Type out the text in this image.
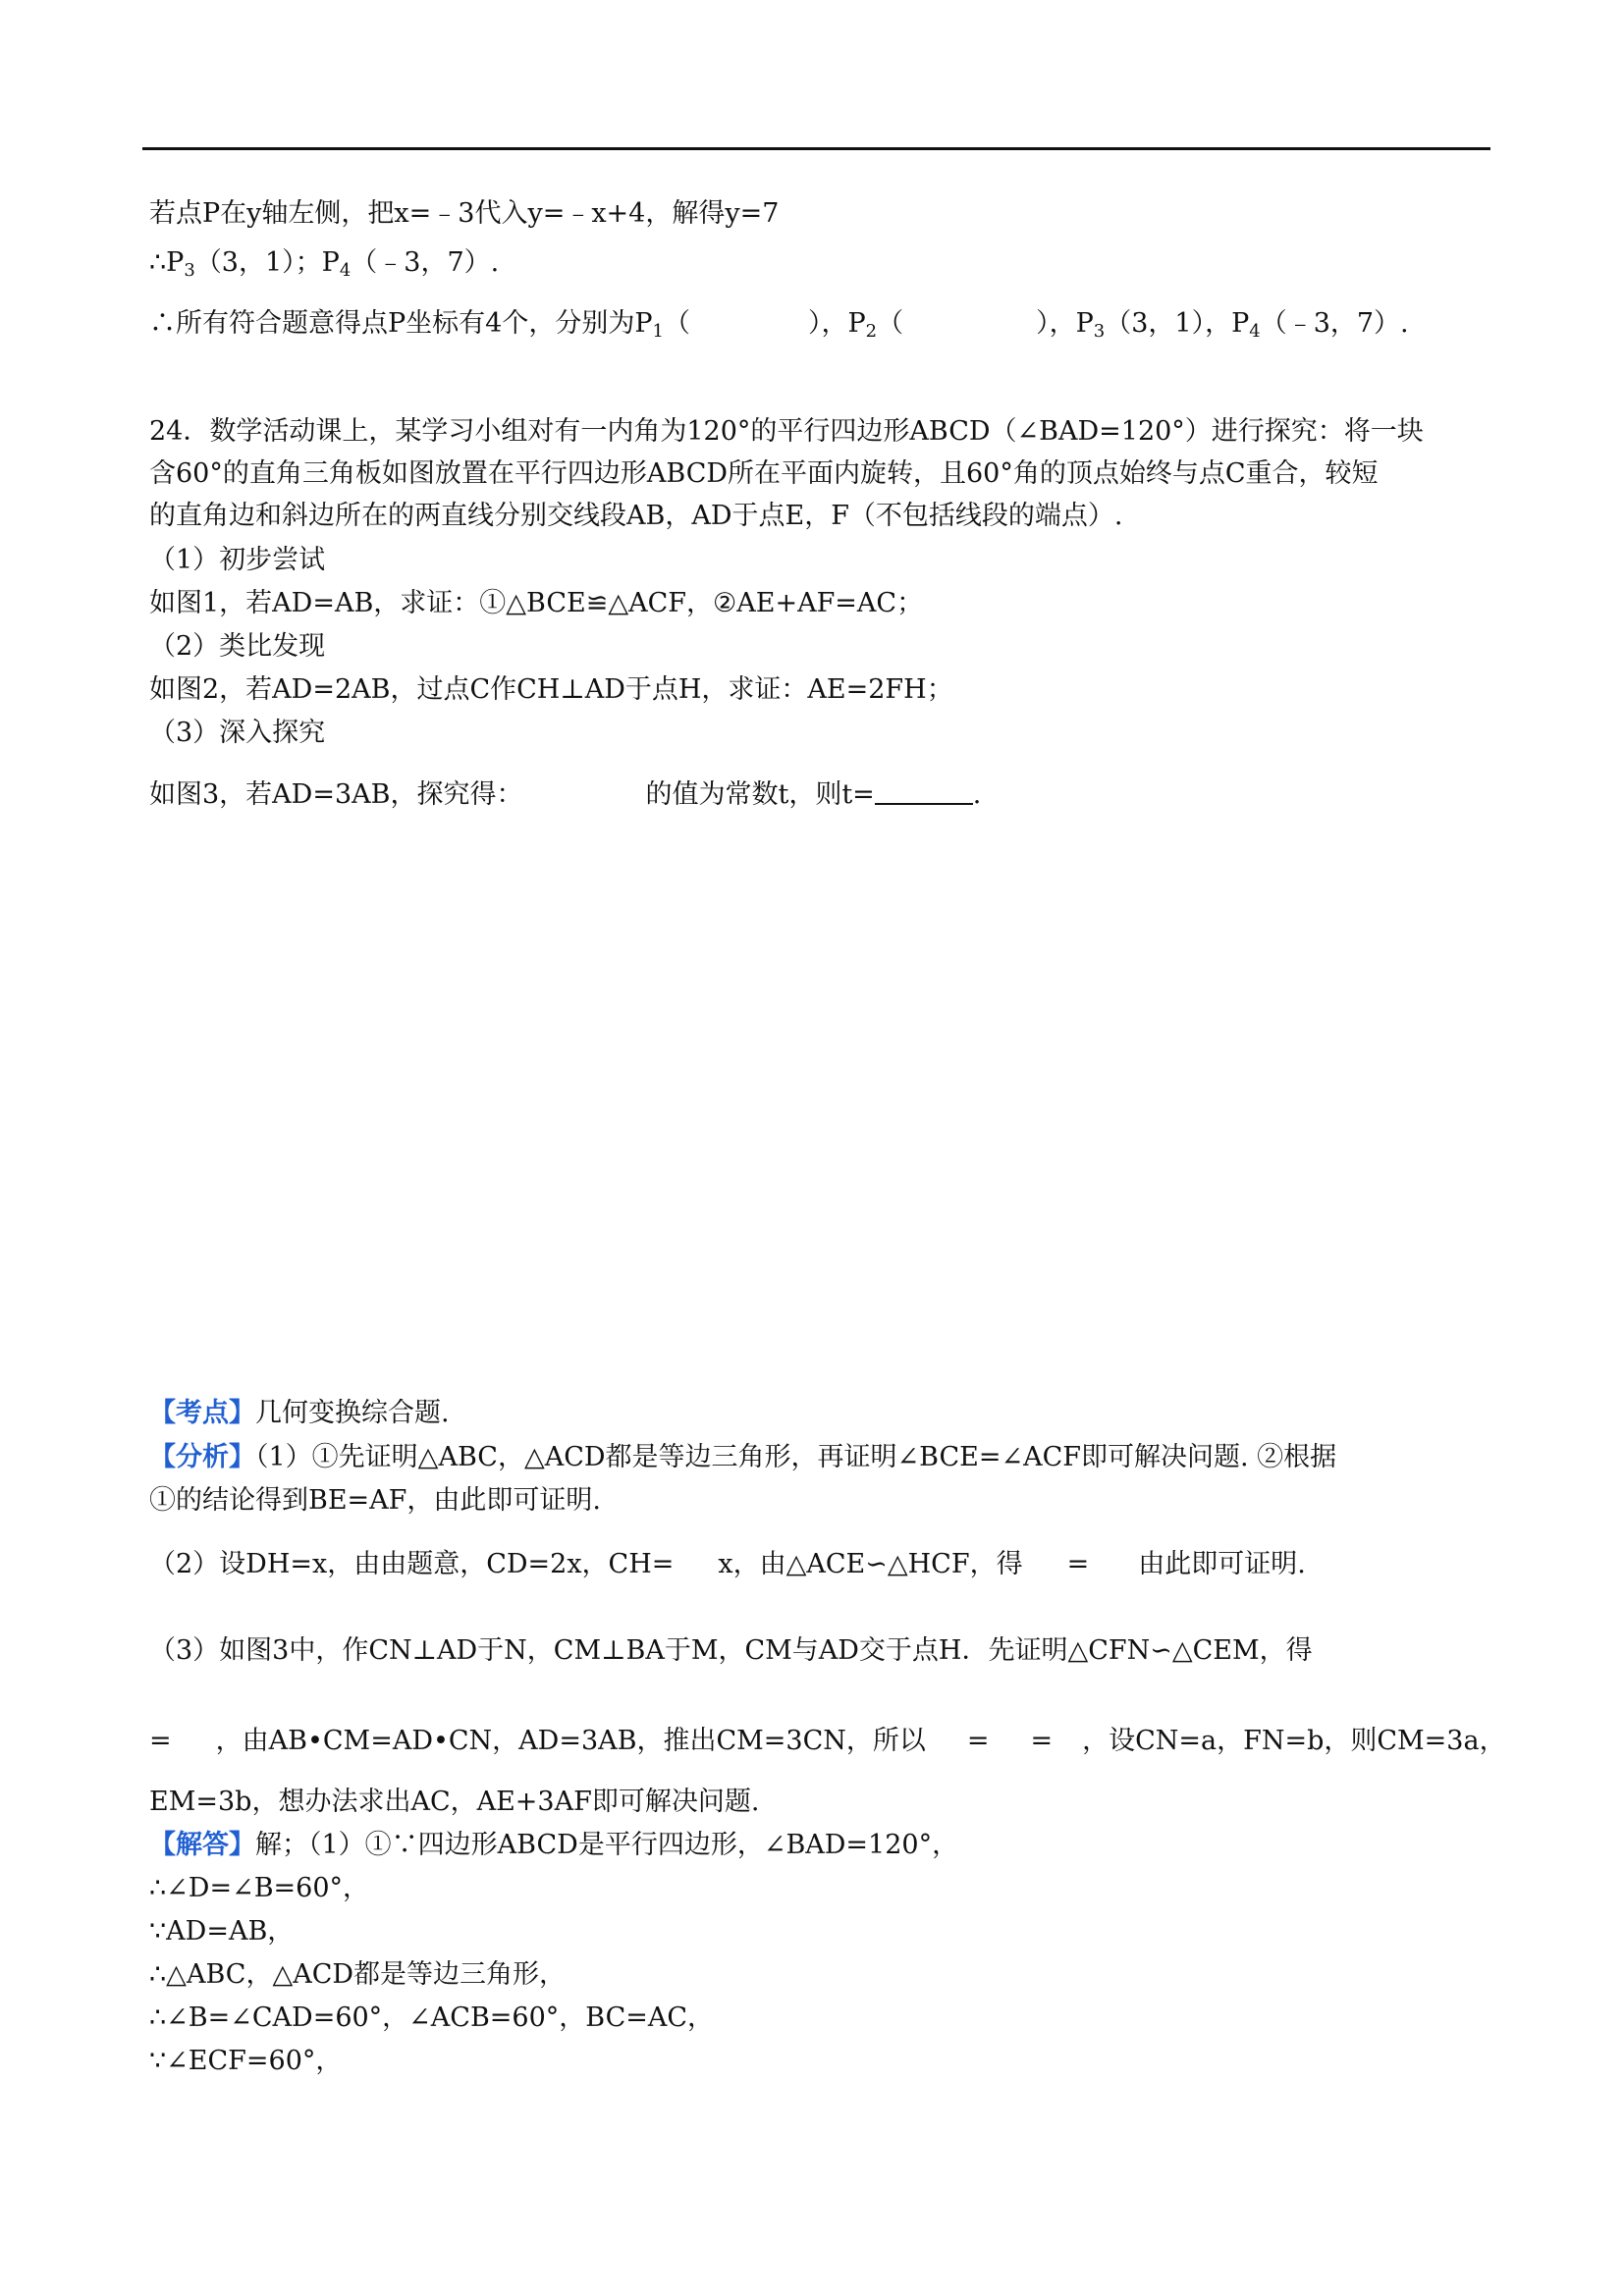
若点P在y轴左侧，把x=﹣3代入y=﹣x+4，解得y=7
$\therefore P_3(3$，1）；$P_4(﹣3$，7）.
∴所有符合题意得点P坐标有4个，分别为$P_1$（	），$P_2$（	），$P_3(3$，1），$P_4(﹣3$，7）.
24．数学活动课上，某学习小组对有一内角为120°的平行四边形ABCD（∠BAD=120°）进行探究：将一块
含60°的直角三角板如图放置在平行四边形ABCD所在平面内旋转，且60°角的顶点始终与点C重合，较短
的直角边和斜边所在的两直线分别交线段AB，AD于点E，F（不包括线段的端点）.
（1）初步尝试
如图1，若AD=AB，求证：①△BCE≌△ACF，②AE+AF=AC；
（2）类比发现
如图2，若AD=2AB，过点C作CH⊥AD于点H，求证：AE=2FH；
（3）深入探究
如图3，若AD=3AB，探究得：	的值为常数t，则t=	.
【考点】几何变换综合题.
【分析】（1）①先证明△ABC，△ACD都是等边三角形，再证明∠BCE=∠ACF即可解决问题. ②根据
①的结论得到BE=AF，由此即可证明.
（2）设DH=x，由由题意，CD=2x，CH= x，由△ACE∽△HCF，得 = 由此即可证明.
（3）如图3中，作CN⊥AD于N，CM⊥BA于M，CM与AD交于点H．先证明△CFN∽△CEM，得
= ，由AB•CM=AD•CN，AD=3AB，推出CM=3CN，所以 = = ，设CN=a，FN=b，则CM=3a，
EM=3b，想办法求出AC，AE+3AF即可解决问题.
【解答】解；（1）①∵四边形ABCD是平行四边形，∠BAD=120°，
∴∠D=∠B=60°，
∵AD=AB，
∴△ABC，△ACD都是等边三角形，
∴∠B=∠CAD=60°，∠ACB=60°，BC=AC，
∵∠ECF=60°，
